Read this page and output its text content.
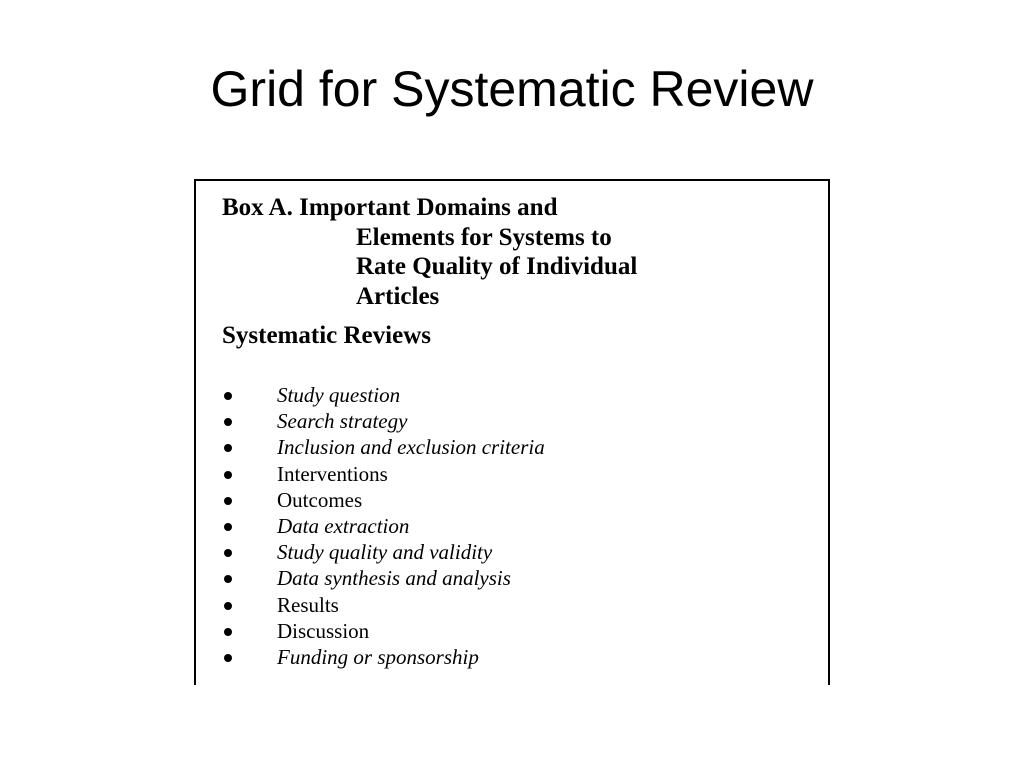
Grid for Systematic Review

Box A. Important Domains and
Elements for Systems to
Rate Quality of Individual
Articles

Systematic Reviews

Study question
Search strategy
Inclusion and exclusion criteria
Interventions
Outcomes
Data extraction
Study quality and validity
Data synthesis and analysis
Results
Discussion
Funding or sponsorship
